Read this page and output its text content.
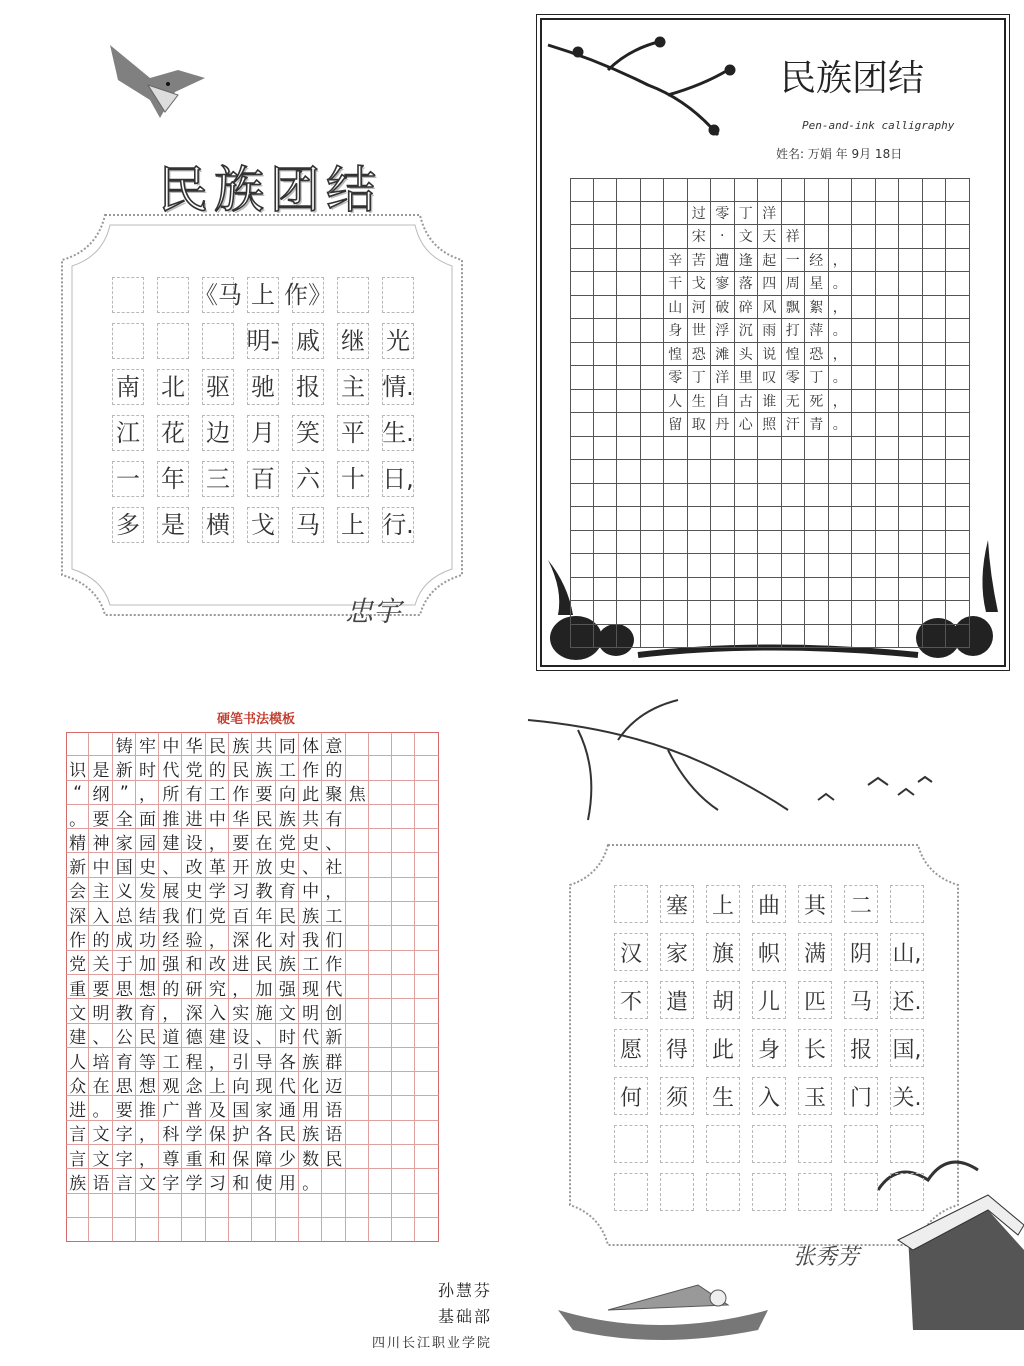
民族团结
《马 上 作》
明- 戚 继 光
南 北 驱 驰 报 主 情.
江 花 边 月 笑 平 生.
一 年 三 百 六 十 日,
多 是 横 戈 马 上 行.
忠宇
民族团结
Pen-and-ink calligraphy
姓名: 万娟 年 9月 18日
过 零 丁 洋
宋	·	文 天 祥
辛 苦 遭 逢 起 一 经 ，
干 戈 寥 落 四 周 星 。
山 河 破 碎 风 飘 絮 ，
身 世 浮 沉 雨 打 萍 。
惶 恐 滩 头 说 惶 恐 ，
零 丁 洋 里 叹 零 丁 。
人 生 自 古 谁 无 死 ，
留 取 丹 心 照 汗 青 。
硬笔书法模板
铸 牢 中 华 民 族 共 同 体 意
识 是 新 时 代 党 的 民 族 工 作 的
“ 纲 ” ， 所 有 工 作 要 向 此 聚 焦
。 要 全 面 推 进 中 华 民 族 共 有
精 神 家 园 建 设 ， 要 在 党 史 、
新 中 国 史 、 改 革 开 放 史 、 社
会 主 义 发 展 史 学 习 教 育 中 ，
深 入 总 结 我 们 党 百 年 民 族 工
作 的 成 功 经 验 ， 深 化 对 我 们
党 关 于 加 强 和 改 进 民 族 工 作
重 要 思 想 的 研 究 ， 加 强 现 代
文 明 教 育 ， 深 入 实 施 文 明 创
建 、 公 民 道 德 建 设 、 时 代 新
人 培 育 等 工 程 ， 引 导 各 族 群
众 在 思 想 观 念 上 向 现 代 化 迈
进 。 要 推 广 普 及 国 家 通 用 语
言 文 字 ， 科 学 保 护 各 民 族 语
言 文 字 ， 尊 重 和 保 障 少 数 民
族 语 言 文 字 学 习 和 使 用 。
孙慧芬
基础部
四川长江职业学院
塞 上 曲 其 二
汉 家 旗 帜 满 阴 山,
不 遣 胡 儿 匹 马 还.
愿 得 此 身 长 报 国,
何 须 生 入 玉 门 关.
张秀芳
